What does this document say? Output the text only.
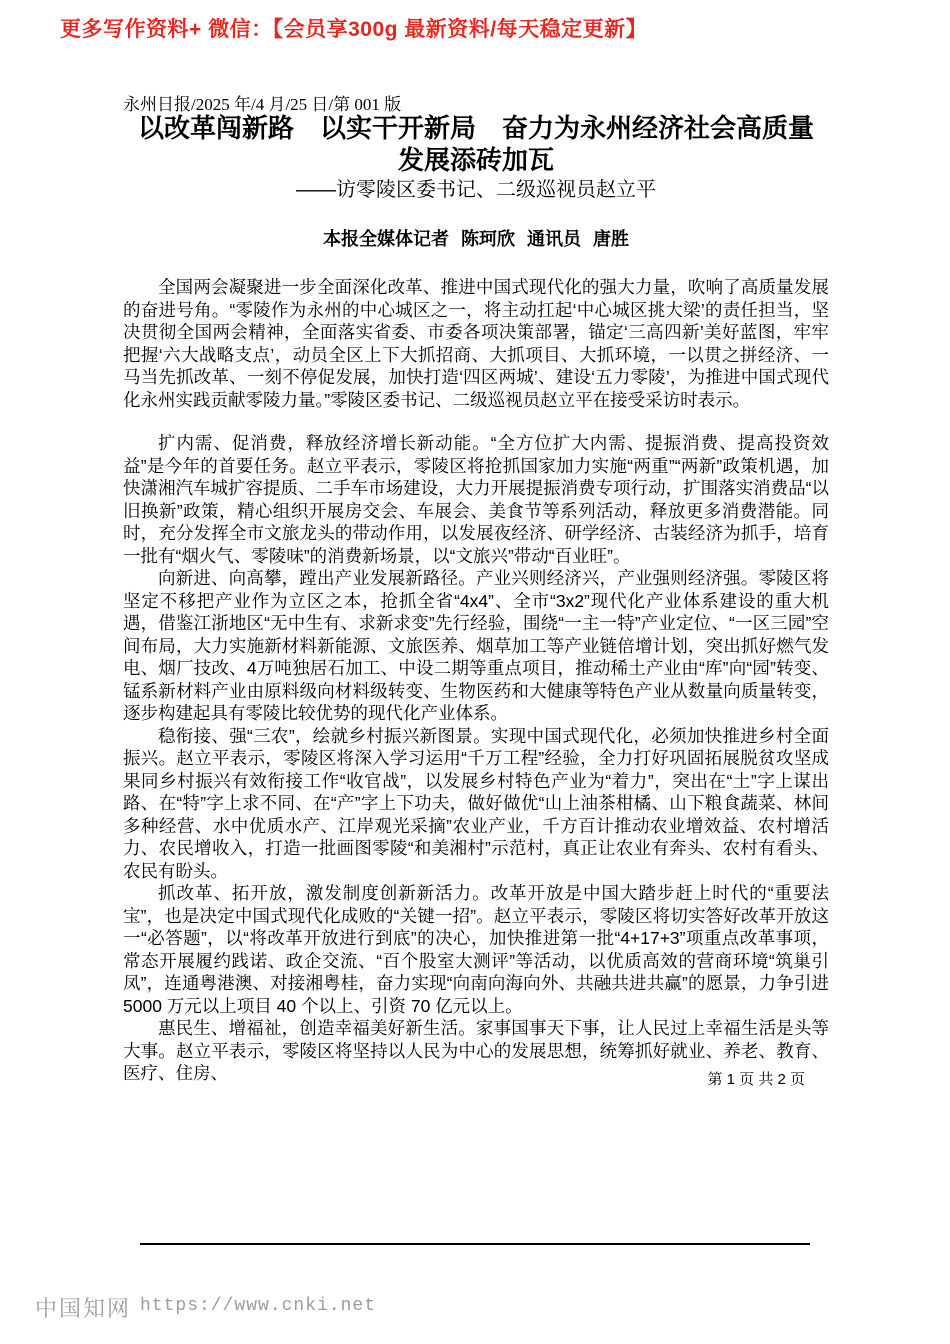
更多写作资料+ 微信：【会员享300g 最新资料/每天稳定更新】
永州日报/2025 年/4 月/25 日/第 001 版
以改革闯新路　以实干开新局　奋力为永州经济社会高质量发展添砖加瓦
——访零陵区委书记、二级巡视员赵立平
本报全媒体记者 陈珂欣 通讯员 唐胜

全国两会凝聚进一步全面深化改革、推进中国式现代化的强大力量，吹响了高质量发展的奋进号角。“零陵作为永州的中心城区之一，将主动扛起‘中心城区挑大梁’的责任担当，坚决贯彻全国两会精神，全面落实省委、市委各项决策部署，锚定‘三高四新’美好蓝图，牢牢把握‘六大战略支点’，动员全区上下大抓招商、大抓项目、大抓环境，一以贯之拼经济、一马当先抓改革、一刻不停促发展，加快打造‘四区两城’、建设‘五力零陵’，为推进中国式现代化永州实践贡献零陵力量。”零陵区委书记、二级巡视员赵立平在接受采访时表示。

扩内需、促消费，释放经济增长新动能。“全方位扩大内需、提振消费、提高投资效益”是今年的首要任务。赵立平表示，零陵区将抢抓国家加力实施“两重”“两新”政策机遇，加快潇湘汽车城扩容提质、二手车市场建设，大力开展提振消费专项行动，扩围落实消费品“以旧换新”政策，精心组织开展房交会、车展会、美食节等系列活动，释放更多消费潜能。同时，充分发挥全市文旅龙头的带动作用，以发展夜经济、研学经济、古装经济为抓手，培育一批有“烟火气、零陵味”的消费新场景，以“文旅兴”带动“百业旺”。

向新进、向高攀，蹚出产业发展新路径。产业兴则经济兴，产业强则经济强。零陵区将坚定不移把产业作为立区之本，抢抓全省“4x4”、全市“3x2”现代化产业体系建设的重大机遇，借鉴江浙地区“无中生有、求新求变”先行经验，围绕“一主一特”产业定位、“一区三园”空间布局，大力实施新材料新能源、文旅医养、烟草加工等产业链倍增计划，突出抓好燃气发电、烟厂技改、4万吨独居石加工、中设二期等重点项目，推动稀土产业由“库”向“园”转变、锰系新材料产业由原料级向材料级转变、生物医药和大健康等特色产业从数量向质量转变，逐步构建起具有零陵比较优势的现代化产业体系。

稳衔接、强“三农”，绘就乡村振兴新图景。实现中国式现代化，必须加快推进乡村全面振兴。赵立平表示，零陵区将深入学习运用“千万工程”经验，全力打好巩固拓展脱贫攻坚成果同乡村振兴有效衔接工作“收官战”，以发展乡村特色产业为“着力”，突出在“土”字上谋出路、在“特”字上求不同、在“产”字上下功夫，做好做优“山上油茶柑橘、山下粮食蔬菜、林间多种经营、水中优质水产、江岸观光采摘”农业产业，千方百计推动农业增效益、农村增活力、农民增收入，打造一批画图零陵“和美湘村”示范村，真正让农业有奔头、农村有看头、农民有盼头。

抓改革、拓开放，激发制度创新新活力。改革开放是中国大踏步赶上时代的“重要法宝”，也是决定中国式现代化成败的“关键一招”。赵立平表示，零陵区将切实答好改革开放这一“必答题”，以“将改革开放进行到底”的决心，加快推进第一批“4+17+3”项重点改革事项，常态开展履约践诺、政企交流、“百个股室大测评”等活动，以优质高效的营商环境“筑巢引凤”，连通粤港澳、对接湘粤桂，奋力实现“向南向海向外、共融共进共赢”的愿景，力争引进 5000 万元以上项目 40 个以上、引资 70 亿元以上。

惠民生、增福祉，创造幸福美好新生活。家事国事天下事，让人民过上幸福生活是头等大事。赵立平表示，零陵区将坚持以人民为中心的发展思想，统筹抓好就业、养老、教育、医疗、住房、	第 1 页 共 2 页
中国知网 https://www.cnki.net
